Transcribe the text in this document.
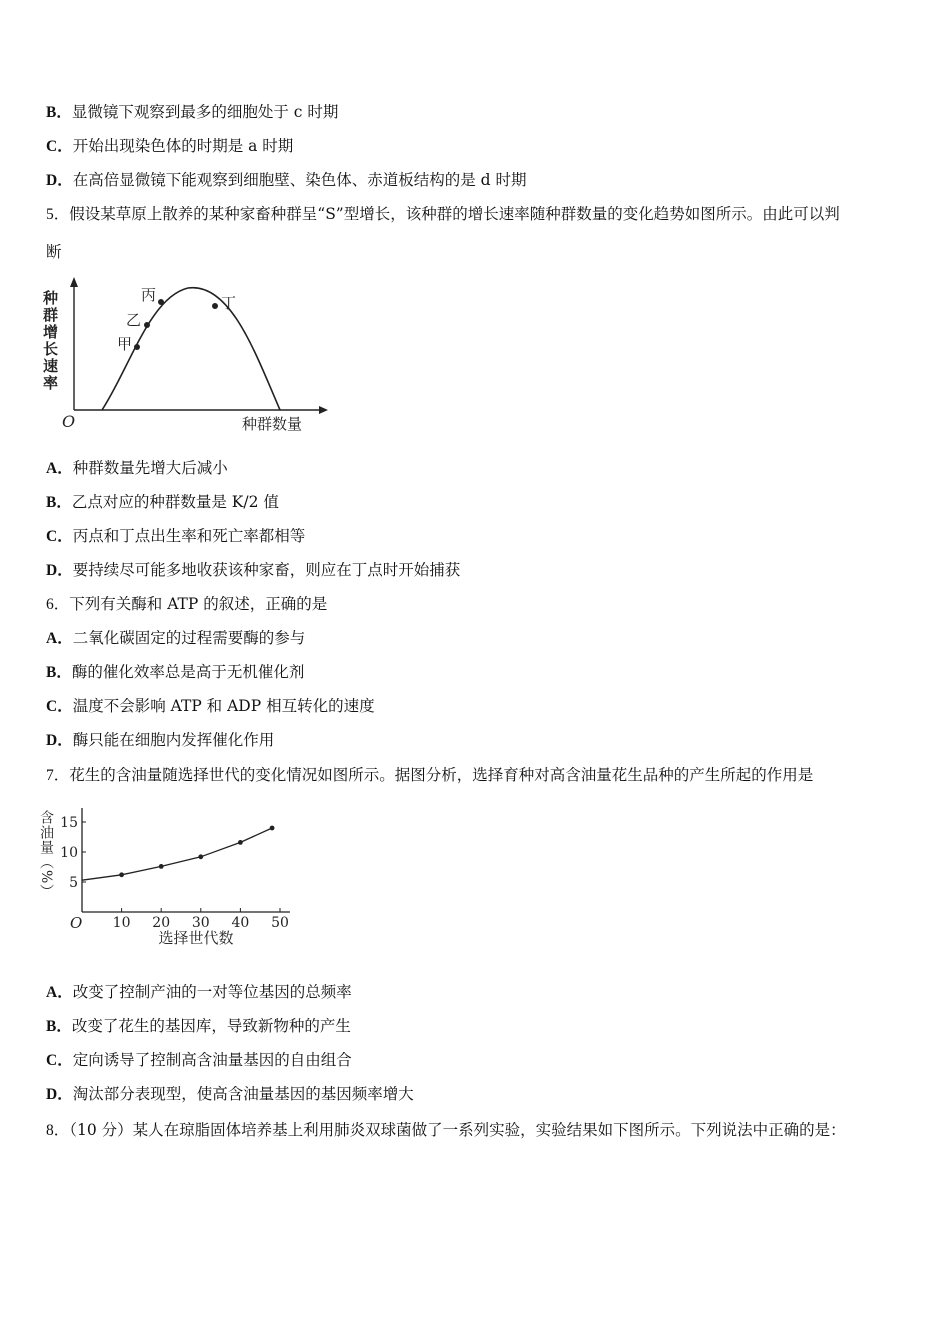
B．显微镜下观察到最多的细胞处于 c 时期
C．开始出现染色体的时期是 a 时期
D．在高倍显微镜下能观察到细胞壁、染色体、赤道板结构的是 d 时期
5．假设某草原上散养的某种家畜种群呈“S”型增长，该种群的增长速率随种群数量的变化趋势如图所示。由此可以判
断
甲
乙
丙	丁
O	种群数量
种群增长速率
A．种群数量先增大后减小
B．乙点对应的种群数量是 K/2 值
C．丙点和丁点出生率和死亡率都相等
D．要持续尽可能多地收获该种家畜，则应在丁点时开始捕获
6．下列有关酶和 ATP 的叙述，正确的是
A．二氧化碳固定的过程需要酶的参与
B．酶的催化效率总是高于无机催化剂
C．温度不会影响 ATP 和 ADP 相互转化的速度
D．酶只能在细胞内发挥催化作用
7．花生的含油量随选择世代的变化情况如图所示。据图分析，选择育种对高含油量花生品种的产生所起的作用是
O
含油量（%）
选择世代数
10 20 30 40 50
5
10
15
A．改变了控制产油的一对等位基因的总频率
B．改变了花生的基因库，导致新物种的产生
C．定向诱导了控制高含油量基因的自由组合
D．淘汰部分表现型，使高含油量基因的基因频率增大
8．（10 分）某人在琼脂固体培养基上利用肺炎双球菌做了一系列实验，实验结果如下图所示。下列说法中正确的是：
